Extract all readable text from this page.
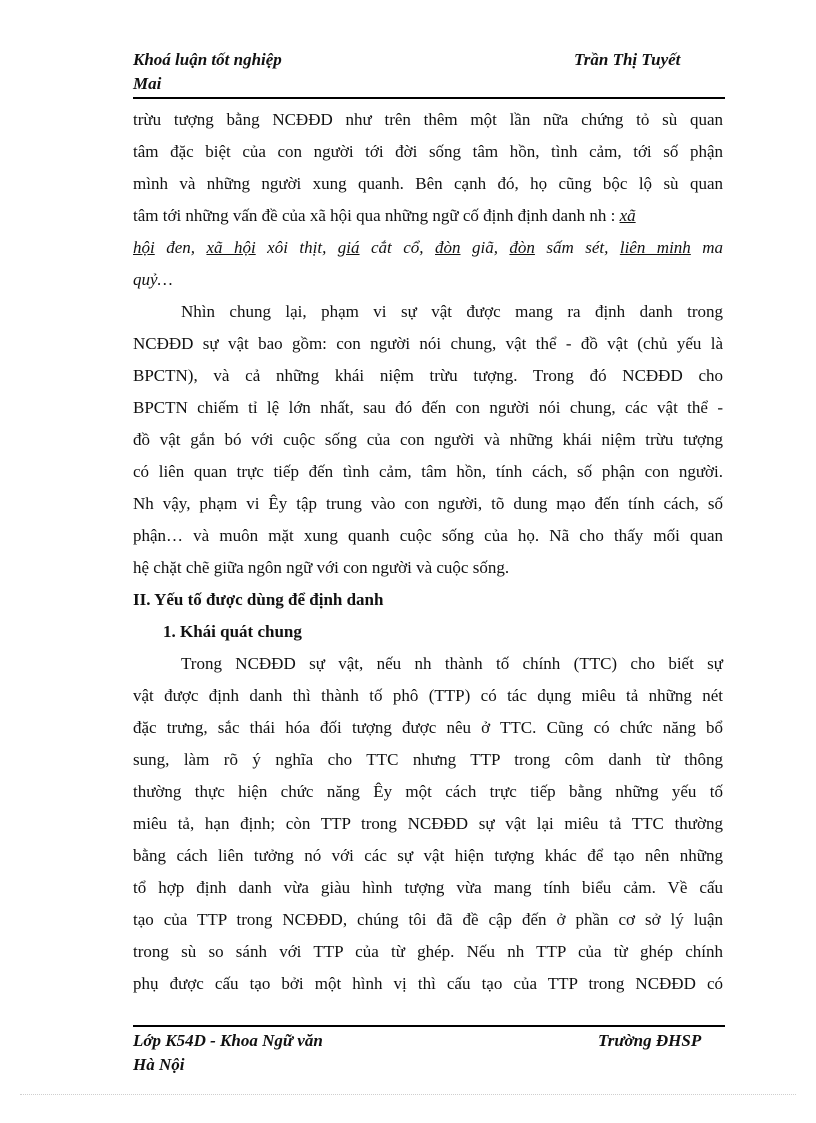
Khoá luận tốt nghiệp	Trần Thị Tuyết
Mai
trừu tượng bằng NCĐĐD như trên thêm một lần nữa chứng tỏ sù quan
tâm đặc biệt của con người tới đời sống tâm hồn, tình cảm, tới số phận
mình và những người xung quanh. Bên cạnh đó, họ cũng bộc lộ sù quan
tâm tới những vấn đề của xã hội qua những ngữ cố định định danh nh : xã
hội đen, xã hội xôi thịt, giá cắt cổ, đòn giã, đòn sấm sét, liên minh ma
quỷ…
Nhìn chung lại, phạm vi sự vật được mang ra định danh trong
NCĐĐD sự vật bao gồm: con người nói chung, vật thể - đồ vật (chủ yếu là
BPCTN), và cả những khái niệm trừu tượng. Trong đó NCĐĐD cho
BPCTN chiếm tỉ lệ lớn nhất, sau đó đến con người nói chung, các vật thể -
đồ vật gắn bó với cuộc sống của con người và những khái niệm trừu tượng
có liên quan trực tiếp đến tình cảm, tâm hồn, tính cách, số phận con người.
Nh vậy, phạm vi Êy tập trung vào con người, tõ dung mạo đến tính cách, số
phận… và muôn mặt xung quanh cuộc sống của họ. Nã cho thấy mối quan
hệ chặt chẽ giữa ngôn ngữ với con người và cuộc sống.
II. Yếu tố được dùng để định danh
1. Khái quát chung
Trong NCĐĐD sự vật, nếu nh thành tố chính (TTC) cho biết sự
vật được định danh thì thành tố phô (TTP) có tác dụng miêu tả những nét
đặc trưng, sắc thái hóa đối tượng được nêu ở TTC. Cũng có chức năng bổ
sung, làm rõ ý nghĩa cho TTC nhưng TTP trong côm danh từ thông
thường thực hiện chức năng Êy một cách trực tiếp bằng những yếu tố
miêu tả, hạn định; còn TTP trong NCĐĐD sự vật lại miêu tả TTC thường
bằng cách liên tưởng nó với các sự vật hiện tượng khác để tạo nên những
tổ hợp định danh vừa giàu hình tượng vừa mang tính biểu cảm. Về cấu
tạo của TTP trong NCĐĐD, chúng tôi đã đề cập đến ở phần cơ sở lý luận
trong sù so sánh với TTP của từ ghép. Nếu nh TTP của từ ghép chính
phụ được cấu tạo bởi một hình vị thì cấu tạo của TTP trong NCĐĐD có
Lớp K54D - Khoa Ngữ văn	Trường ĐHSP
Hà Nội
